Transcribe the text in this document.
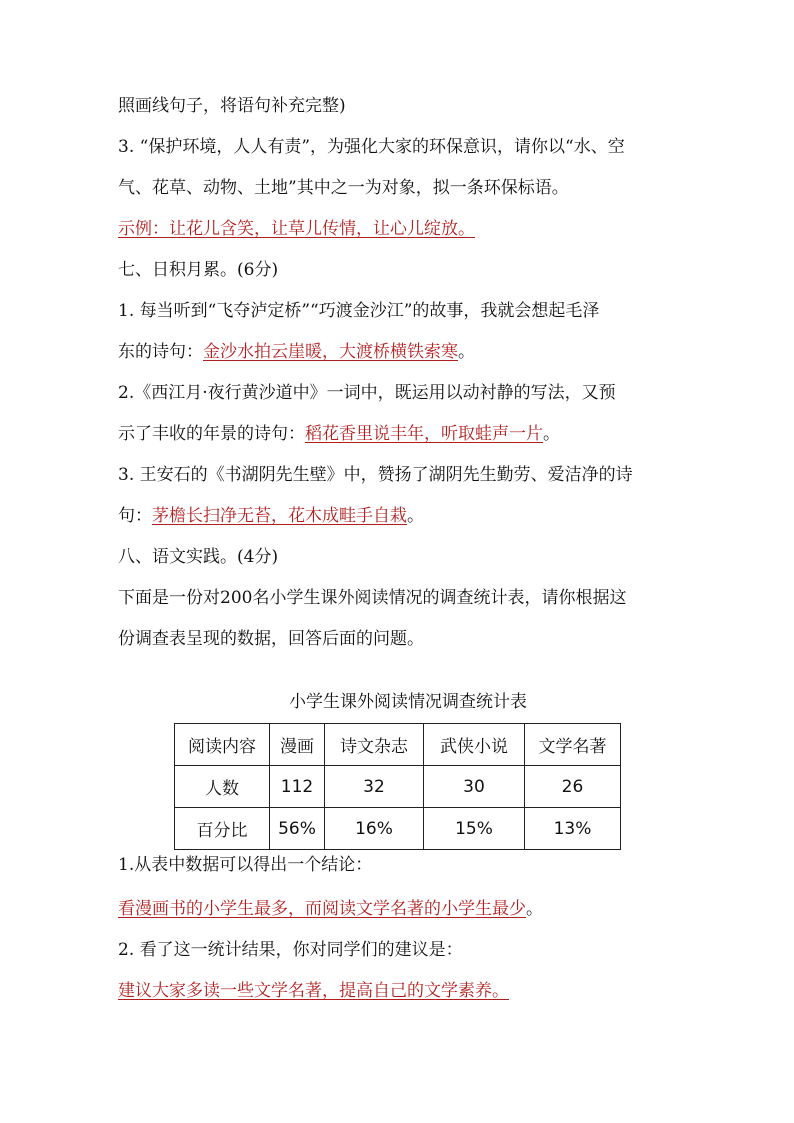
照画线句子，将语句补充完整)
3. “保护环境，人人有责”，为强化大家的环保意识，请你以“水、空
气、花草、动物、土地”其中之一为对象，拟一条环保标语。
示例：让花儿含笑，让草儿传情，让心儿绽放。
七、日积月累。(6分)
1. 每当听到“飞夺泸定桥”“巧渡金沙江”的故事，我就会想起毛泽
东的诗句：金沙水拍云崖暖，大渡桥横铁索寒。
2.《西江月·夜行黄沙道中》一词中，既运用以动衬静的写法，又预
示了丰收的年景的诗句：稻花香里说丰年，听取蛙声一片。
3. 王安石的《书湖阴先生壁》中，赞扬了湖阴先生勤劳、爱洁净的诗
句：茅檐长扫净无苔，花木成畦手自栽。
八、语文实践。(4分)
下面是一份对200名小学生课外阅读情况的调查统计表，请你根据这
份调查表呈现的数据，回答后面的问题。
小学生课外阅读情况调查统计表
阅读内容	漫画	诗文杂志	武侠小说	文学名著
人数	112	32	30	26
百分比	56%	16%	15%	13%
1.从表中数据可以得出一个结论：
看漫画书的小学生最多，而阅读文学名著的小学生最少。
2. 看了这一统计结果，你对同学们的建议是：
建议大家多读一些文学名著，提高自己的文学素养。
